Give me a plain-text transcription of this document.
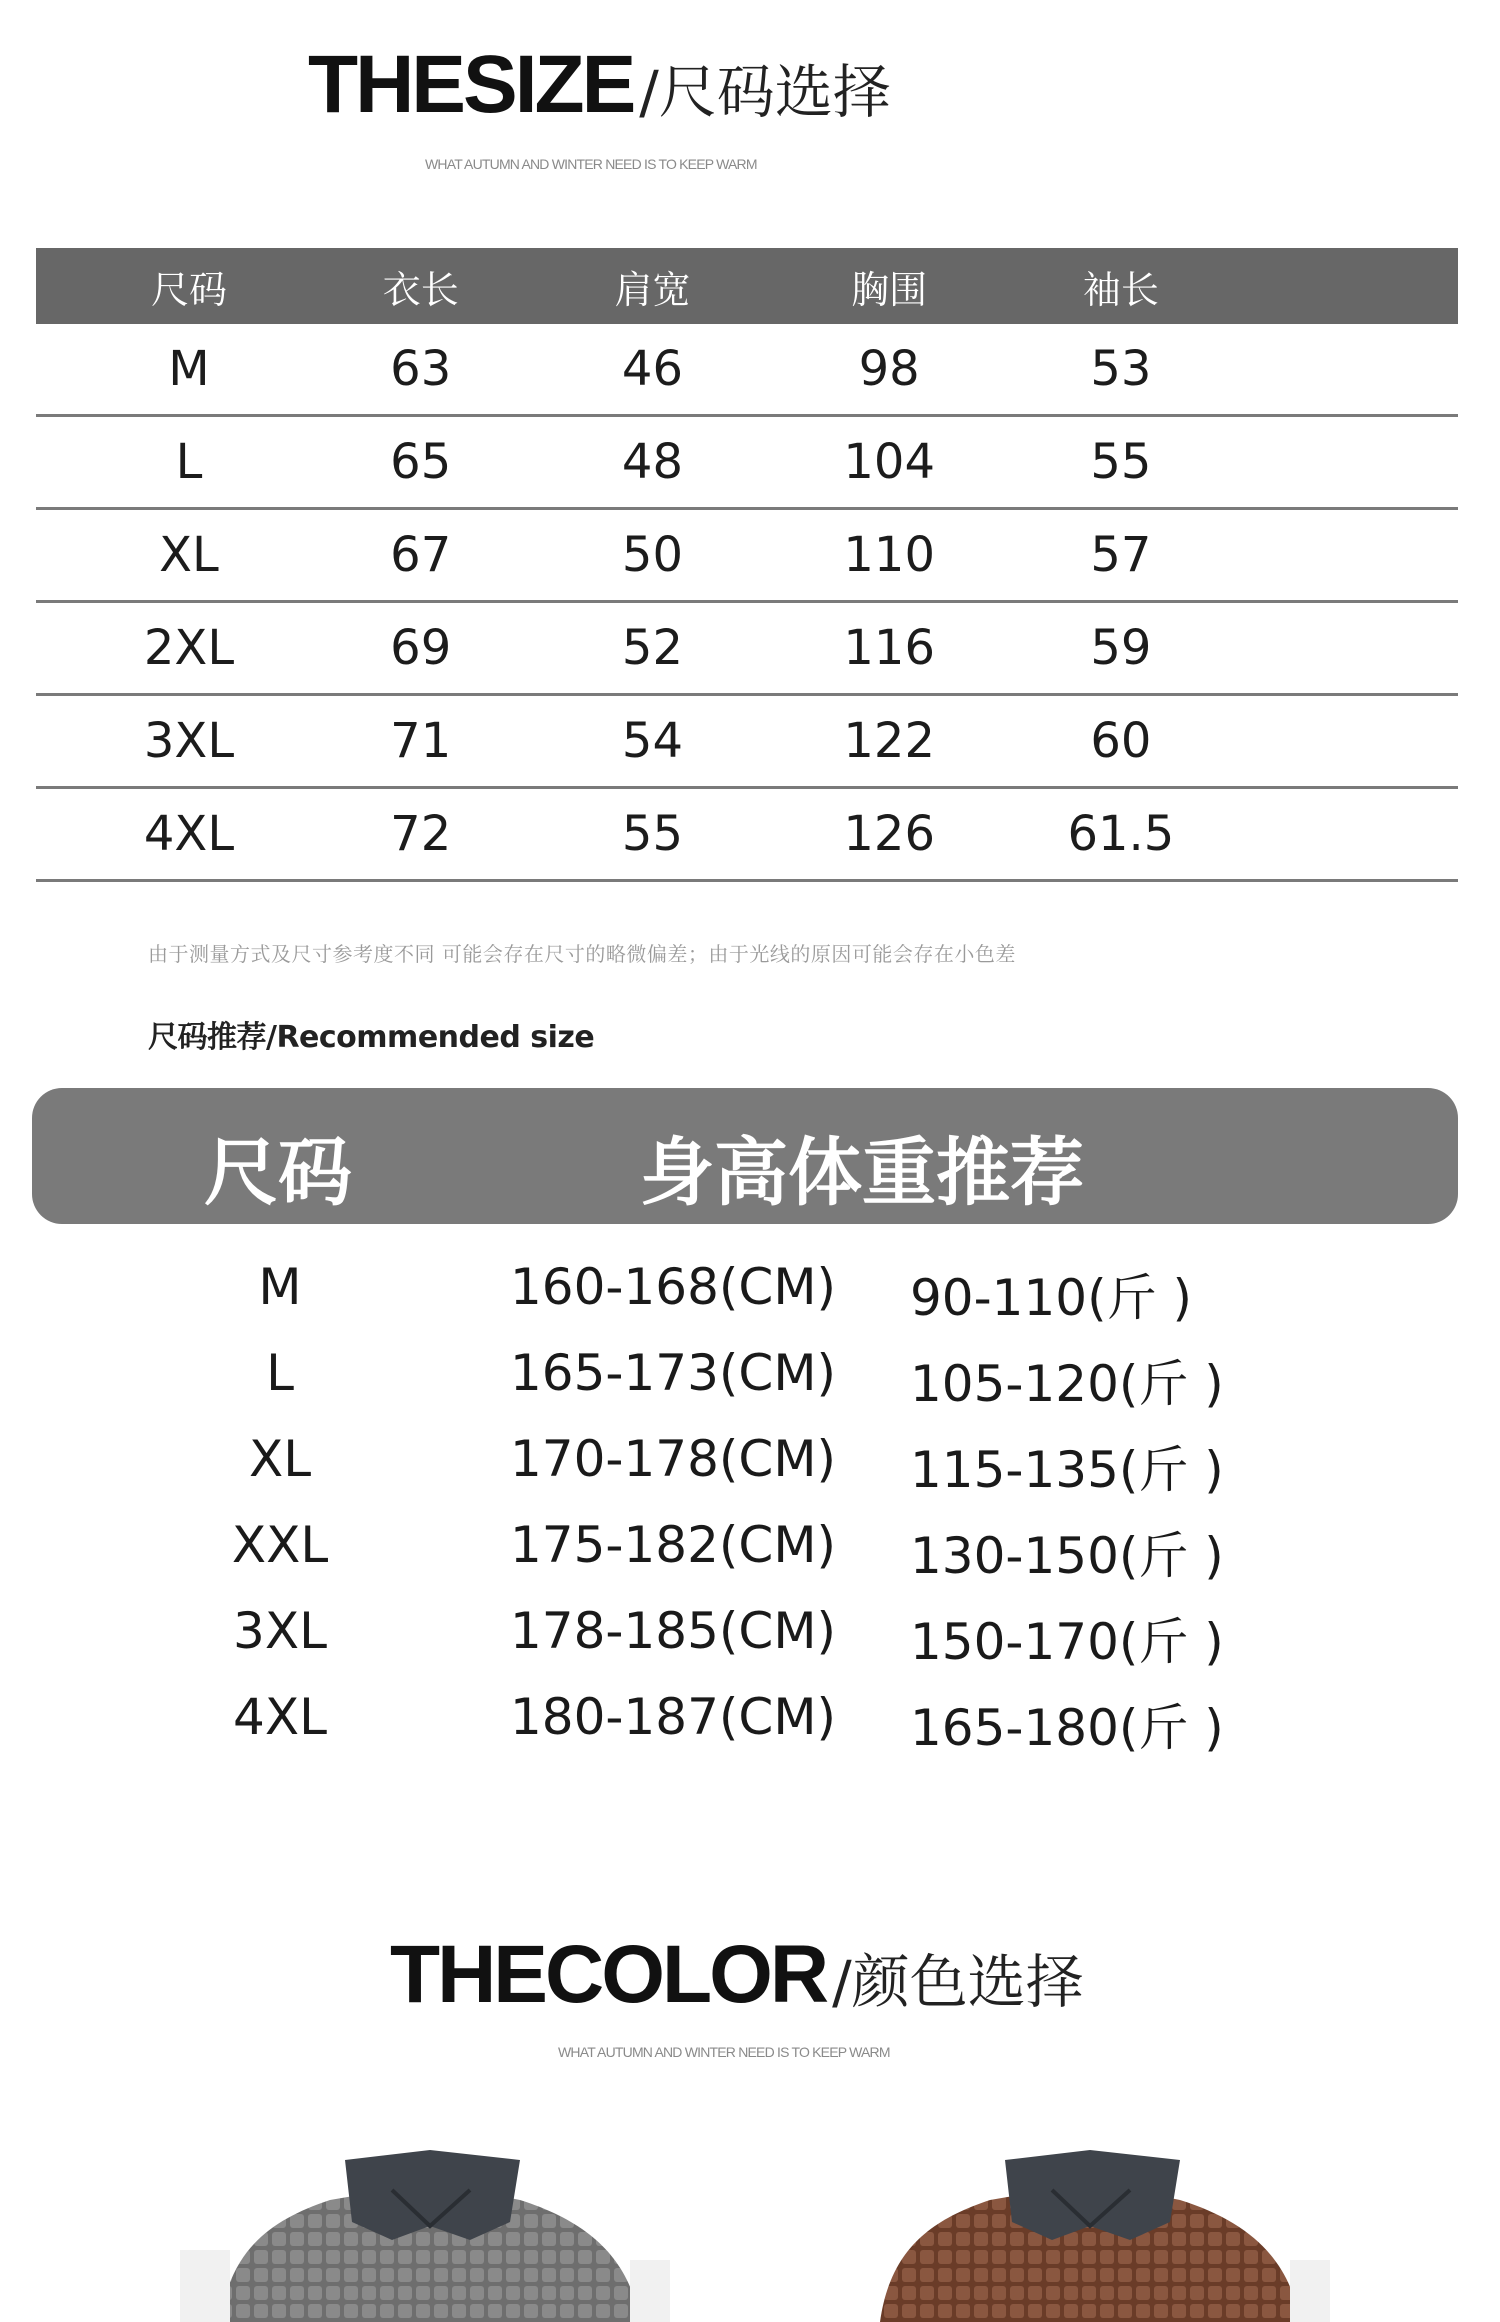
THESIZE /尺码选择
WHAT AUTUMN AND WINTER NEED IS TO KEEP WARM
尺码	衣长	肩宽	胸围	袖长
M	63	46	98	53
L	65	48	104	55
XL	67	50	110	57
2XL	69	52	116	59
3XL	71	54	122	60
4XL	72	55	126	61.5
由于测量方式及尺寸参考度不同 可能会存在尺寸的略微偏差；由于光线的原因可能会存在小色差
尺码推荐/Recommended size
尺码	身高体重推荐
M	160-168(CM) 90-110(斤 )
L	165-173(CM) 105-120(斤 )
XL	170-178(CM) 115-135(斤 )
XXL	175-182(CM) 130-150(斤 )
3XL	178-185(CM) 150-170(斤 )
4XL	180-187(CM) 165-180(斤 )
THECOLOR /颜色选择
WHAT AUTUMN AND WINTER NEED IS TO KEEP WARM
